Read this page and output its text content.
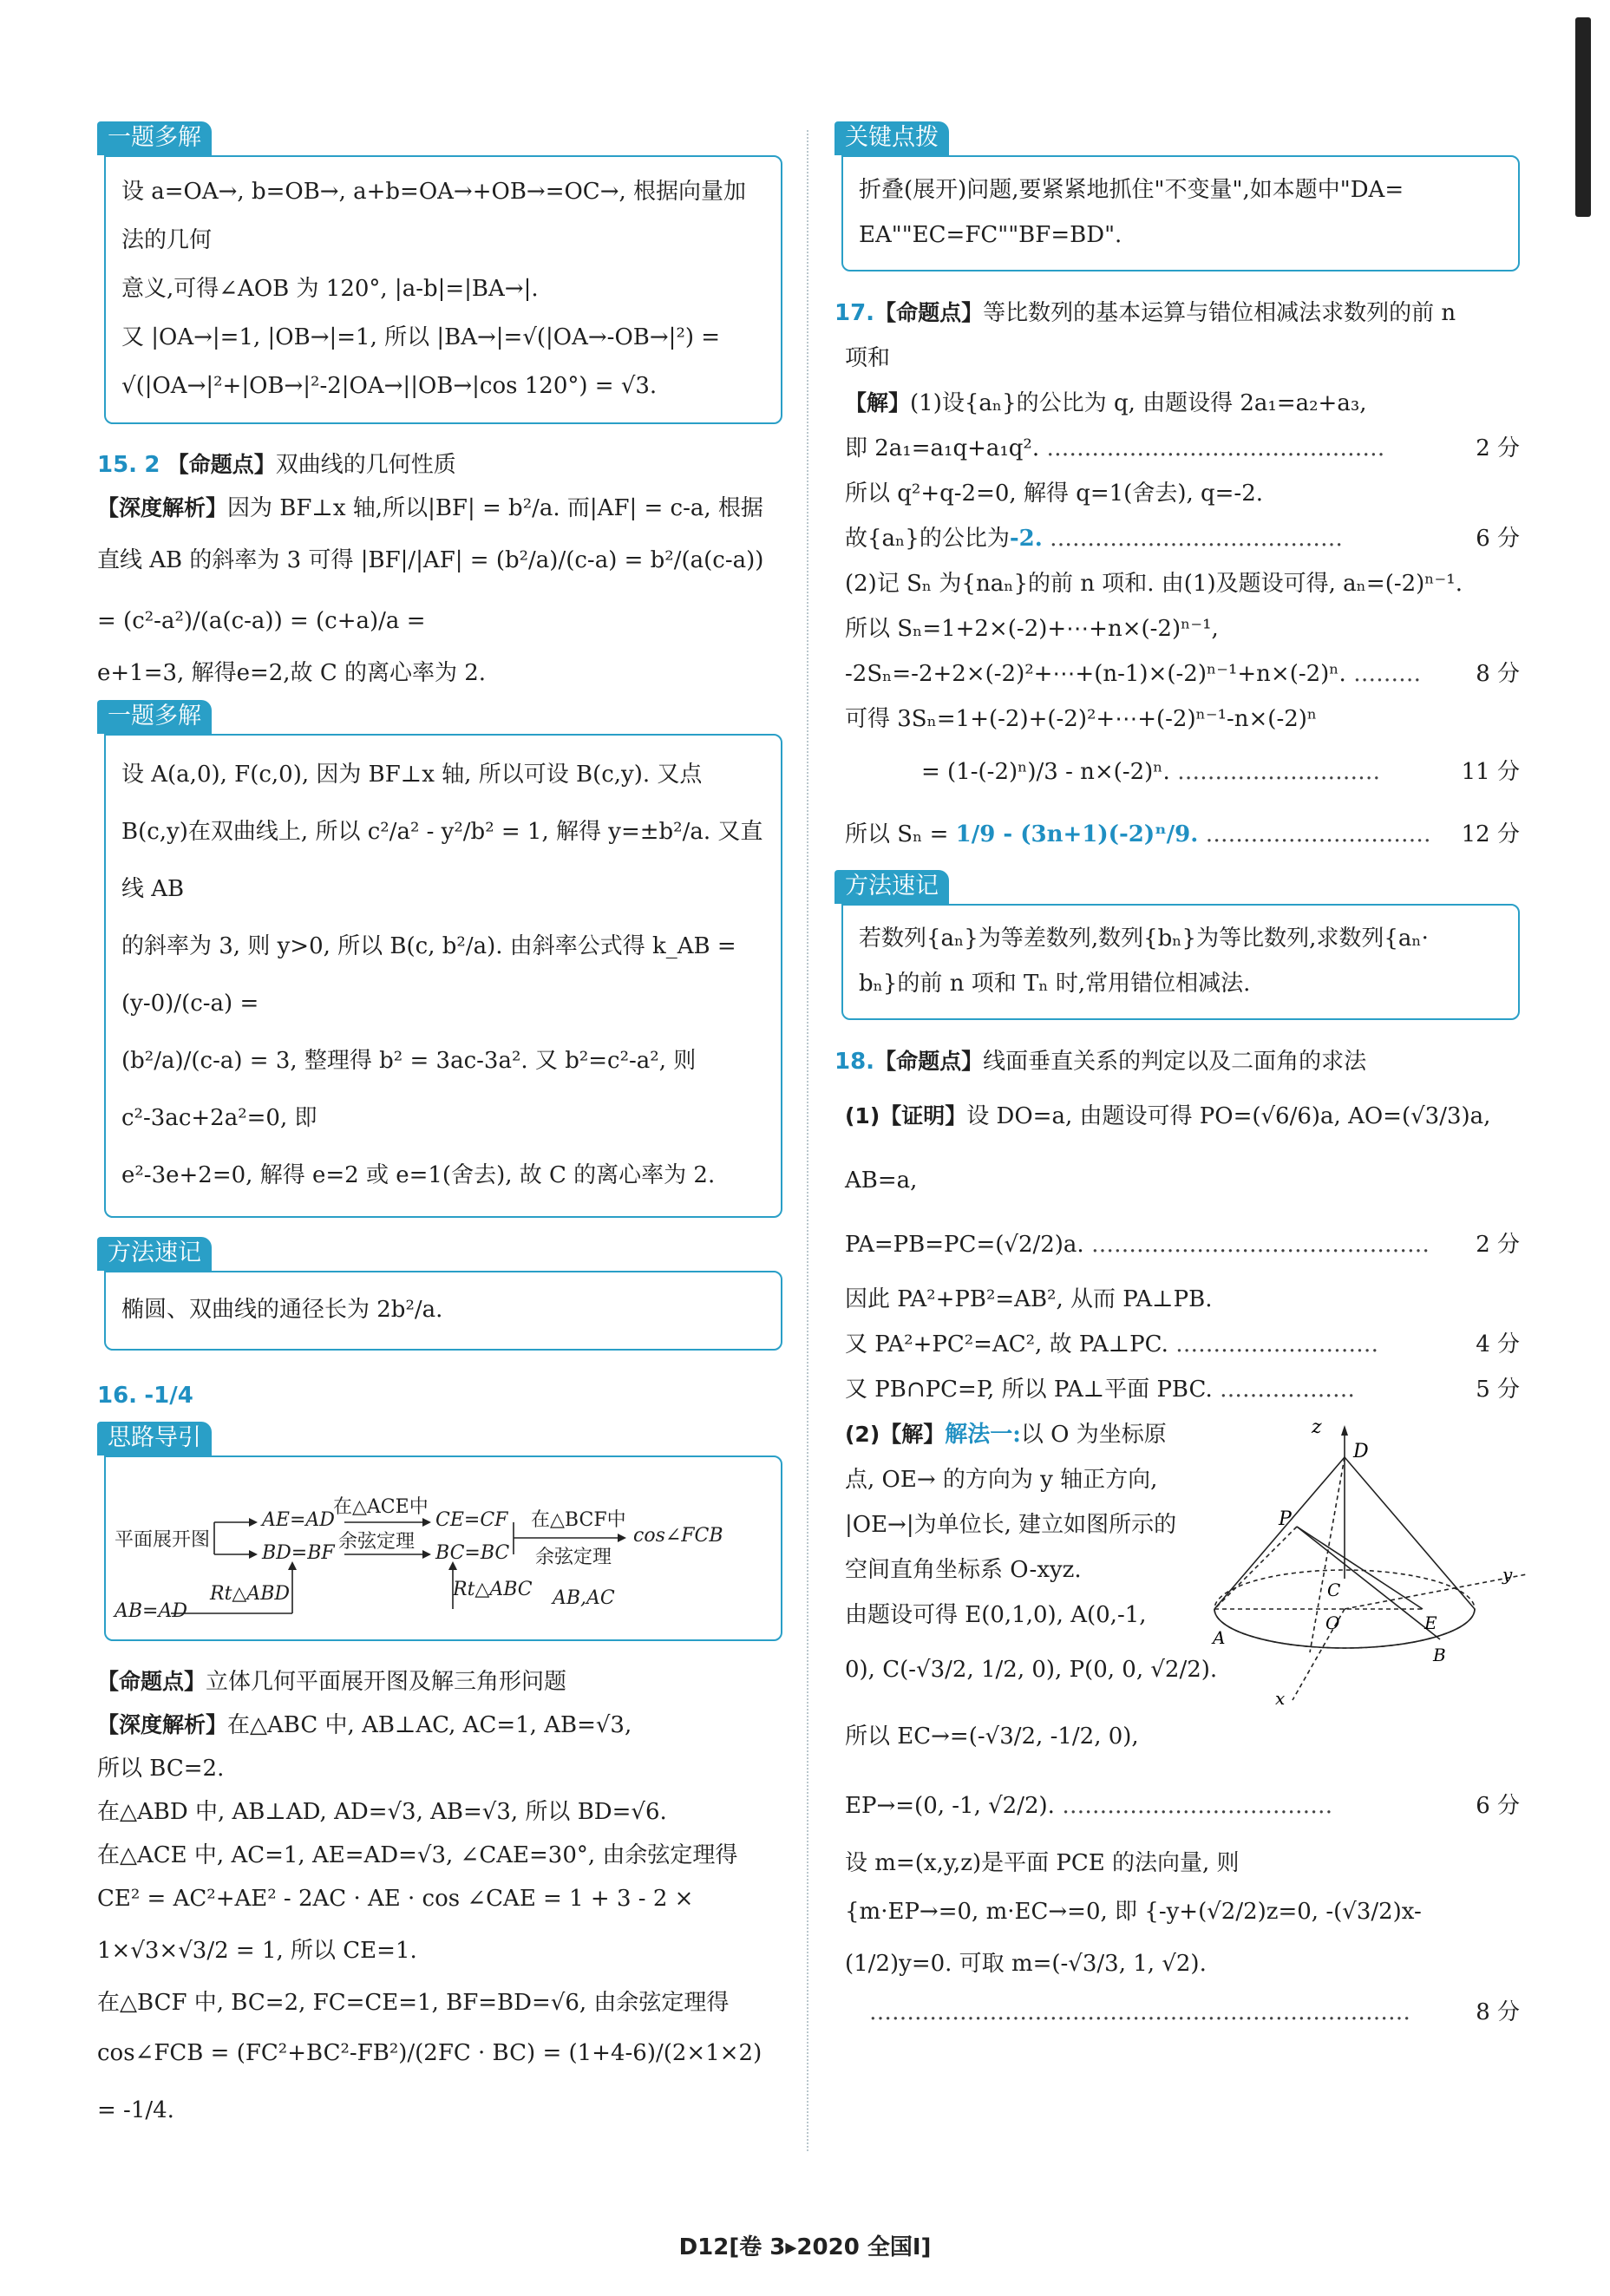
一题多解
设 a=OA→, b=OB→, a+b=OA→+OB→=OC→, 根据向量加法的几何
意义,可得∠AOB 为 120°, |a-b|=|BA→|.
又 |OA→|=1, |OB→|=1, 所以 |BA→|=√(|OA→-OB→|²) =
√(|OA→|²+|OB→|²-2|OA→||OB→|cos 120°) = √3.

15. 2 【命题点】双曲线的几何性质

【深度解析】因为 BF⊥x 轴,所以|BF| = b²/a. 而|AF| = c-a, 根据

直线 AB 的斜率为 3 可得 |BF|/|AF| = (b²/a)/(c-a) = b²/(a(c-a)) = (c²-a²)/(a(c-a)) = (c+a)/a =

e+1=3, 解得e=2,故 C 的离心率为 2.

一题多解
设 A(a,0), F(c,0), 因为 BF⊥x 轴, 所以可设 B(c,y). 又点
B(c,y)在双曲线上, 所以 c²/a² - y²/b² = 1, 解得 y=±b²/a. 又直线 AB
的斜率为 3, 则 y>0, 所以 B(c, b²/a). 由斜率公式得 k_AB = (y-0)/(c-a) =
(b²/a)/(c-a) = 3, 整理得 b² = 3ac-3a². 又 b²=c²-a², 则 c²-3ac+2a²=0, 即
e²-3e+2=0, 解得 e=2 或 e=1(舍去), 故 C 的离心率为 2.
方法速记
椭圆、双曲线的通径长为 2b²/a.

16. -1/4

思路导引
平面展开图
AE=AD
BD=BF
AB=AD
在△ACE中
余弦定理
CE=CF
BC=BC
在△BCF中
余弦定理
cos∠FCB
Rt△ABD	Rt△ABC AB,AC

【命题点】立体几何平面展开图及解三角形问题

【深度解析】在△ABC 中, AB⊥AC, AC=1, AB=√3,

所以 BC=2.

在△ABD 中, AB⊥AD, AD=√3, AB=√3, 所以 BD=√6.

在△ACE 中, AC=1, AE=AD=√3, ∠CAE=30°, 由余弦定理得

CE² = AC²+AE² - 2AC · AE · cos ∠CAE = 1 + 3 - 2 ×

1×√3×√3/2 = 1, 所以 CE=1.

在△BCF 中, BC=2, FC=CE=1, BF=BD=√6, 由余弦定理得

cos∠FCB = (FC²+BC²-FB²)/(2FC · BC) = (1+4-6)/(2×1×2) = -1/4.

关键点拨
折叠(展开)问题,要紧紧地抓住"不变量",如本题中"DA=
EA""EC=FC""BF=BD".

17.【命题点】等比数列的基本运算与错位相减法求数列的前 n

项和

【解】(1)设{aₙ}的公比为 q, 由题设得 2a₁=a₂+a₃,

即 2a₁=a₁q+a₁q². ………………………………………	2 分

所以 q²+q-2=0, 解得 q=1(舍去), q=-2.

故{aₙ}的公比为-2. …………………………………	6 分

(2)记 Sₙ 为{naₙ}的前 n 项和. 由(1)及题设可得, aₙ=(-2)ⁿ⁻¹.

所以 Sₙ=1+2×(-2)+⋯+n×(-2)ⁿ⁻¹,

-2Sₙ=-2+2×(-2)²+⋯+(n-1)×(-2)ⁿ⁻¹+n×(-2)ⁿ. ……… 8 分

可得 3Sₙ=1+(-2)+(-2)²+⋯+(-2)ⁿ⁻¹-n×(-2)ⁿ

= (1-(-2)ⁿ)/3 - n×(-2)ⁿ. ………………………	11 分

所以 Sₙ = 1/9 - (3n+1)(-2)ⁿ/9. ………………………… 12 分

方法速记
若数列{aₙ}为等差数列,数列{bₙ}为等比数列,求数列{aₙ·
bₙ}的前 n 项和 Tₙ 时,常用错位相减法.

18.【命题点】线面垂直关系的判定以及二面角的求法

(1)【证明】设 DO=a, 由题设可得 PO=(√6/6)a, AO=(√3/3)a, AB=a,

PA=PB=PC=(√2/2)a. ……………………………………… 2 分

因此 PA²+PB²=AB², 从而 PA⊥PB.

又 PA²+PC²=AC², 故 PA⊥PC. ………………………	4 分

又 PB∩PC=P, 所以 PA⊥平面 PBC. ………………	5 分

(2)【解】解法一:以 O 为坐标原

点, OE→ 的方向为 y 轴正方向,

|OE→|为单位长, 建立如图所示的

空间直角坐标系 O-xyz.

由题设可得 E(0,1,0), A(0,-1,

0), C(-√3/2, 1/2, 0), P(0, 0, √2/2).

所以 EC→=(-√3/2, -1/2, 0),

EP→=(0, -1, √2/2). ………………………………	6 分

设 m=(x,y,z)是平面 PCE 的法向量, 则

{m·EP→=0, m·EC→=0, 即 {-y+(√2/2)z=0, -(√3/2)x-(1/2)y=0. 可取 m=(-√3/3, 1, √2).

………………………………………………………………	8 分

z
D
P
C
O	E
y
A
B
x
D12[卷 3▸2020 全国Ⅰ]
